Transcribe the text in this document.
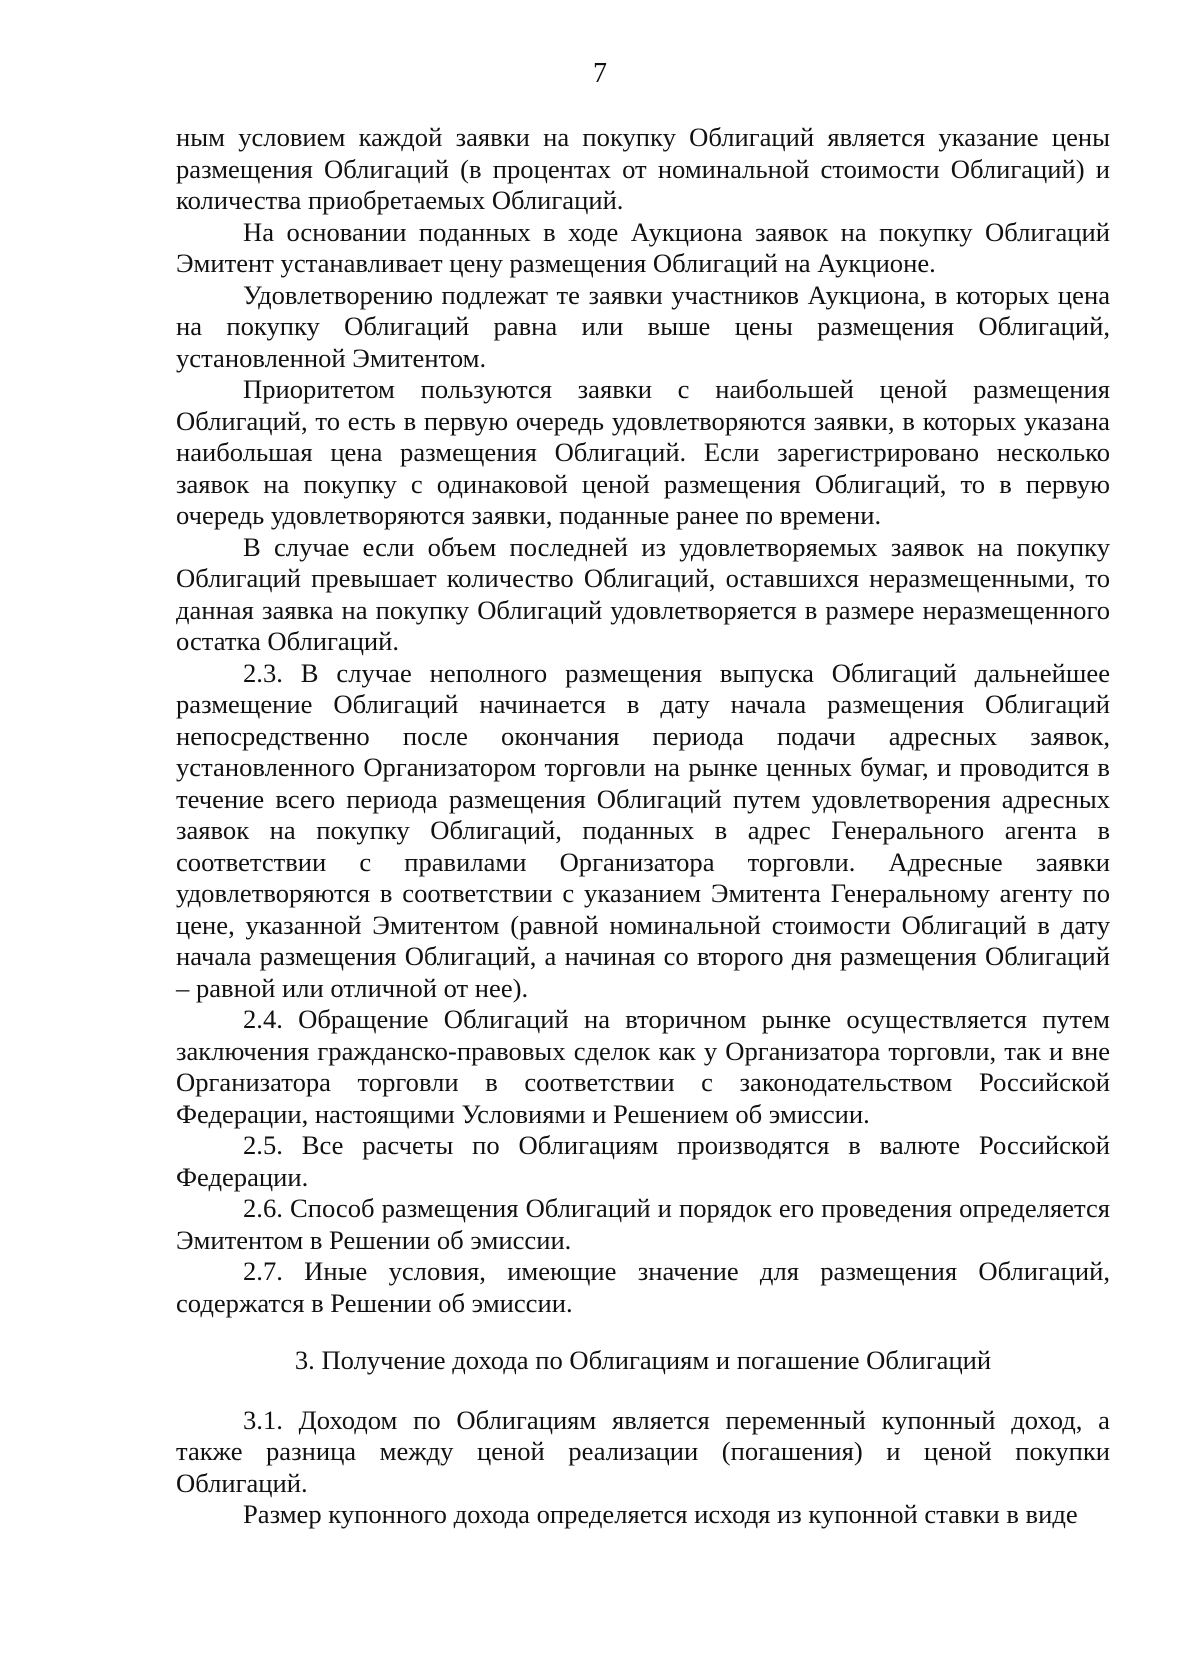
7

ным условием каждой заявки на покупку Облигаций является указание цены размещения Облигаций (в процентах от номинальной стоимости Облигаций) и количества приобретаемых Облигаций.

На основании поданных в ходе Аукциона заявок на покупку Облигаций Эмитент устанавливает цену размещения Облигаций на Аукционе.

Удовлетворению подлежат те заявки участников Аукциона, в которых цена на покупку Облигаций равна или выше цены размещения Облигаций, установленной Эмитентом.

Приоритетом пользуются заявки с наибольшей ценой размещения Облигаций, то есть в первую очередь удовлетворяются заявки, в которых указана наибольшая цена размещения Облигаций. Если зарегистрировано несколько заявок на покупку с одинаковой ценой размещения Облигаций, то в первую очередь удовлетворяются заявки, поданные ранее по времени.

В случае если объем последней из удовлетворяемых заявок на покупку Облигаций превышает количество Облигаций, оставшихся неразмещенными, то данная заявка на покупку Облигаций удовлетворяется в размере неразмещенного остатка Облигаций.

2.3. В случае неполного размещения выпуска Облигаций дальнейшее размещение Облигаций начинается в дату начала размещения Облигаций непосредственно после окончания периода подачи адресных заявок, установленного Организатором торговли на рынке ценных бумаг, и проводится в течение всего периода размещения Облигаций путем удовлетворения адресных заявок на покупку Облигаций, поданных в адрес Генерального агента в соответствии с правилами Организатора торговли. Адресные заявки удовлетворяются в соответствии с указанием Эмитента Генеральному агенту по цене, указанной Эмитентом (равной номинальной стоимости Облигаций в дату начала размещения Облигаций, а начиная со второго дня размещения Облигаций – равной или отличной от нее).

2.4. Обращение Облигаций на вторичном рынке осуществляется путем заключения гражданско-правовых сделок как у Организатора торговли, так и вне Организатора торговли в соответствии с законодательством Российской Федерации, настоящими Условиями и Решением об эмиссии.

2.5. Все расчеты по Облигациям производятся в валюте Российской Федерации.

2.6. Способ размещения Облигаций и порядок его проведения определяется Эмитентом в Решении об эмиссии.

2.7. Иные условия, имеющие значение для размещения Облигаций, содержатся в Решении об эмиссии.

3. Получение дохода по Облигациям и погашение Облигаций

3.1. Доходом по Облигациям является переменный купонный доход, а также разница между ценой реализации (погашения) и ценой покупки Облигаций.

Размер купонного дохода определяется исходя из купонной ставки в виде
